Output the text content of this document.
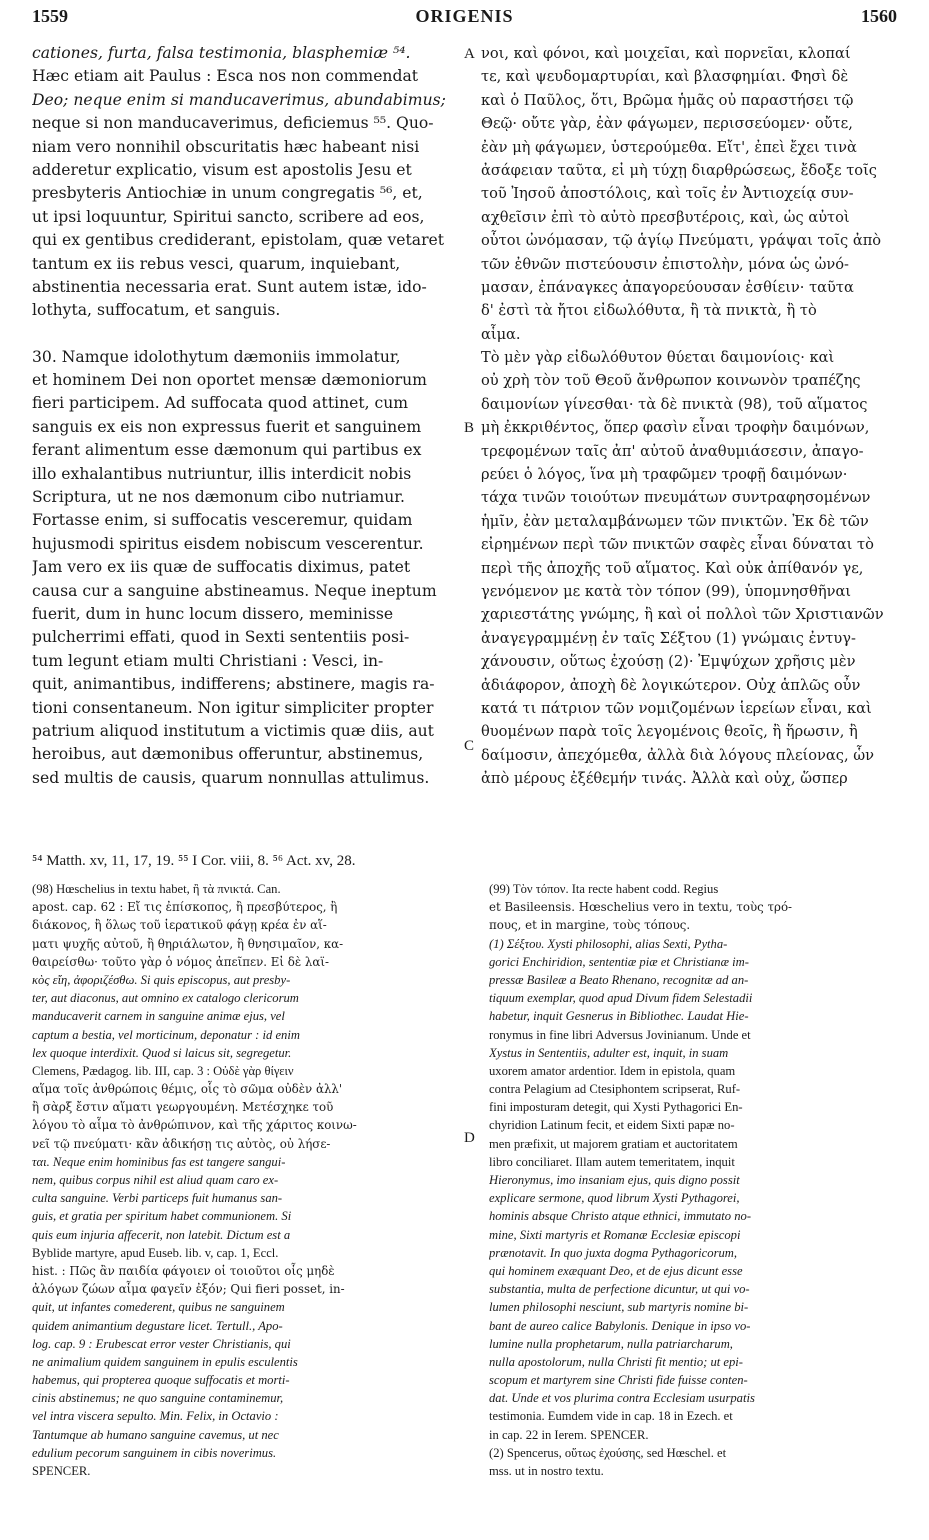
1559	ORIGENIS	1560
cationes, furta, falsa testimonia, blasphemiæ ⁵⁴.
Hæc etiam ait Paulus : Esca nos non commendat
Deo; neque enim si manducaverimus, abundabimus;
neque si non manducaverimus, deficiemus ⁵⁵. Quo-
niam vero nonnihil obscuritatis hæc habeant nisi
adderetur explicatio, visum est apostolis Jesu et
presbyteris Antiochiæ in unum congregatis ⁵⁶, et,
ut ipsi loquuntur, Spiritui sancto, scribere ad eos,
qui ex gentibus crediderant, epistolam, quæ vetaret
tantum ex iis rebus vesci, quarum, inquiebant,
abstinentia necessaria erat. Sunt autem istæ, ido-
lothyta, suffocatum, et sanguis.
30. Namque idolothytum dæmoniis immolatur,
et hominem Dei non oportet mensæ dæmoniorum
fieri participem. Ad suffocata quod attinet, cum
sanguis ex eis non expressus fuerit et sanguinem
ferant alimentum esse dæmonum qui partibus ex
illo exhalantibus nutriuntur, illis interdicit nobis
Scriptura, ut ne nos dæmonum cibo nutriamur.
Fortasse enim, si suffocatis vesceremur, quidam
hujusmodi spiritus eisdem nobiscum vescerentur.
Jam vero ex iis quæ de suffocatis diximus, patet
causa cur a sanguine abstineamus. Neque ineptum
fuerit, dum in hunc locum dissero, meminisse
pulcherrimi effati, quod in Sexti sententiis posi-
tum legunt etiam multi Christiani : Vesci, in-
quit, animantibus, indifferens; abstinere, magis ra-
tioni consentaneum. Non igitur simpliciter propter
patrium aliquod institutum a victimis quæ diis, aut
heroibus, aut dæmonibus offeruntur, abstinemus,
sed multis de causis, quarum nonnullas attulimus.
A
B
C
D
νοι, καὶ φόνοι, καὶ μοιχεῖαι, καὶ πορνεῖαι, κλοπαί
τε, καὶ ψευδομαρτυρίαι, καὶ βλασφημίαι. Φησὶ δὲ
καὶ ὁ Παῦλος, ὅτι, Βρῶμα ἡμᾶς οὐ παραστήσει τῷ
Θεῷ· οὔτε γὰρ, ἐὰν φάγωμεν, περισσεύομεν· οὔτε,
ἐὰν μὴ φάγωμεν, ὑστερούμεθα. Εἴτ', ἐπεὶ ἔχει τινὰ
ἀσάφειαν ταῦτα, εἰ μὴ τύχῃ διαρθρώσεως, ἔδοξε τοῖς
τοῦ Ἰησοῦ ἀποστόλοις, καὶ τοῖς ἐν Ἀντιοχείᾳ συν-
αχθεῖσιν ἐπὶ τὸ αὐτὸ πρεσβυτέροις, καὶ, ὡς αὐτοὶ
οὗτοι ὠνόμασαν, τῷ ἁγίῳ Πνεύματι, γράψαι τοῖς ἀπὸ
τῶν ἐθνῶν πιστεύουσιν ἐπιστολὴν, μόνα ὡς ὠνό-
μασαν, ἐπάναγκες ἀπαγορεύουσαν ἐσθίειν· ταῦτα
δ' ἐστὶ τὰ ἤτοι εἰδωλόθυτα, ἢ τὰ πνικτὰ, ἢ τὸ
αἷμα.
Τὸ μὲν γὰρ εἰδωλόθυτον θύεται δαιμονίοις· καὶ
οὐ χρὴ τὸν τοῦ Θεοῦ ἄνθρωπον κοινωνὸν τραπέζης
δαιμονίων γίνεσθαι· τὰ δὲ πνικτὰ (98), τοῦ αἵματος
μὴ ἐκκριθέντος, ὅπερ φασὶν εἶναι τροφὴν δαιμόνων,
τρεφομένων ταῖς ἀπ' αὐτοῦ ἀναθυμιάσεσιν, ἀπαγο-
ρεύει ὁ λόγος, ἵνα μὴ τραφῶμεν τροφῇ δαιμόνων·
τάχα τινῶν τοιούτων πνευμάτων συντραφησομένων
ἡμῖν, ἐὰν μεταλαμβάνωμεν τῶν πνικτῶν. Ἐκ δὲ τῶν
εἰρημένων περὶ τῶν πνικτῶν σαφὲς εἶναι δύναται τὸ
περὶ τῆς ἀποχῆς τοῦ αἵματος. Καὶ οὐκ ἀπίθανόν γε,
γενόμενον με κατὰ τὸν τόπον (99), ὑπομνησθῆναι
χαριεστάτης γνώμης, ἣ καὶ οἱ πολλοὶ τῶν Χριστιανῶν
ἀναγεγραμμένῃ ἐν ταῖς Σέξτου (1) γνώμαις ἐντυγ-
χάνουσιν, οὕτως ἐχούσῃ (2)· Ἐμψύχων χρῆσις μὲν
ἀδιάφορον, ἀποχὴ δὲ λογικώτερον. Οὐχ ἁπλῶς οὖν
κατά τι πάτριον τῶν νομιζομένων ἱερείων εἶναι, καὶ
θυομένων παρὰ τοῖς λεγομένοις θεοῖς, ἢ ἥρωσιν, ἢ
δαίμοσιν, ἀπεχόμεθα, ἀλλὰ διὰ λόγους πλείονας, ὧν
ἀπὸ μέρους ἐξέθεμήν τινάς. Ἀλλὰ καὶ οὐχ, ὥσπερ
⁵⁴ Matth. xv, 11, 17, 19. ⁵⁵ I Cor. viii, 8. ⁵⁶ Act. xv, 28.
(98) Hœschelius in textu habet, ἢ τὰ πνικτά. Can.
apost. cap. 62 : Εἴ τις ἐπίσκοπος, ἢ πρεσβύτερος, ἢ
διάκονος, ἢ ὅλως τοῦ ἱερατικοῦ φάγῃ κρέα ἐν αἵ-
ματι ψυχῆς αὐτοῦ, ἢ θηριάλωτον, ἢ θνησιμαῖον, κα-
θαιρείσθω· τοῦτο γὰρ ὁ νόμος ἀπεῖπεν. Εἰ δὲ λαϊ-
κὸς εἴη, ἀφοριζέσθω. Si quis episcopus, aut presby-
ter, aut diaconus, aut omnino ex catalogo clericorum
manducaverit carnem in sanguine animæ ejus, vel
captum a bestia, vel morticinum, deponatur : id enim
lex quoque interdixit. Quod si laicus sit, segregetur.
Clemens, Pædagog. lib. III, cap. 3 : Οὐδὲ γὰρ θίγειν
αἵμα τοῖς ἀνθρώποις θέμις, οἷς τὸ σῶμα οὐδὲν ἀλλ'
ἢ σὰρξ ἔστιν αἵματι γεωργουμένη. Μετέσχηκε τοῦ
λόγου τὸ αἷμα τὸ ἀνθρώπινον, καὶ τῆς χάριτος κοινω-
νεῖ τῷ πνεύματι· κἂν ἀδικήσῃ τις αὐτὸς, οὐ λήσε-
ται. Neque enim hominibus fas est tangere sangui-
nem, quibus corpus nihil est aliud quam caro ex-
culta sanguine. Verbi particeps fuit humanus san-
guis, et gratia per spiritum habet communionem. Si
quis eum injuria affecerit, non latebit. Dictum est a
Byblide martyre, apud Euseb. lib. v, cap. 1, Eccl.
hist. : Πῶς ἂν παιδία φάγοιεν οἱ τοιοῦτοι οἷς μηδὲ
ἀλόγων ζώων αἷμα φαγεῖν ἐξόν; Qui fieri posset, in-
quit, ut infantes comederent, quibus ne sanguinem
quidem animantium degustare licet. Tertull., Apo-
log. cap. 9 : Erubescat error vester Christianis, qui
ne animalium quidem sanguinem in epulis esculentis
habemus, qui propterea quoque suffocatis et morti-
cinis abstinemus; ne quo sanguine contaminemur,
vel intra viscera sepulto. Min. Felix, in Octavio :
Tantumque ab humano sanguine cavemus, ut nec
edulium pecorum sanguinem in cibis noverimus.
SPENCER.
(99) Τὸν τόπον. Ita recte habent codd. Regius
et Basileensis. Hœschelius vero in textu, τοὺς τρό-
πους, et in margine, τοὺς τόπους.
(1) Σέξτου. Xysti philosophi, alias Sexti, Pytha-
gorici Enchiridion, sententiæ piæ et Christianæ im-
pressæ Basileæ a Beato Rhenano, recognitæ ad an-
tiquum exemplar, quod apud Divum fidem Selestadii
habetur, inquit Gesnerus in Bibliothec. Laudat Hie-
ronymus in fine libri Adversus Jovinianum. Unde et
Xystus in Sententiis, adulter est, inquit, in suam
uxorem amator ardentior. Idem in epistola, quam
contra Pelagium ad Ctesiphontem scripserat, Ruf-
fini imposturam detegit, qui Xysti Pythagorici En-
chyridion Latinum fecit, et eidem Sixti papæ no-
men præfixit, ut majorem gratiam et auctoritatem
libro conciliaret. Illam autem temeritatem, inquit
Hieronymus, imo insaniam ejus, quis digno possit
explicare sermone, quod librum Xysti Pythagorei,
hominis absque Christo atque ethnici, immutato no-
mine, Sixti martyris et Romanæ Ecclesiæ episcopi
prænotavit. In quo juxta dogma Pythagoricorum,
qui hominem exæquant Deo, et de ejus dicunt esse
substantia, multa de perfectione dicuntur, ut qui vo-
lumen philosophi nesciunt, sub martyris nomine bi-
bant de aureo calice Babylonis. Denique in ipso vo-
lumine nulla prophetarum, nulla patriarcharum,
nulla apostolorum, nulla Christi fit mentio; ut epi-
scopum et martyrem sine Christi fide fuisse conten-
dat. Unde et vos plurima contra Ecclesiam usurpatis
testimonia. Eumdem vide in cap. 18 in Ezech. et
in cap. 22 in Ierem. SPENCER.
(2) Spencerus, οὕτως ἐχούσης, sed Hœschel. et
mss. ut in nostro textu.
